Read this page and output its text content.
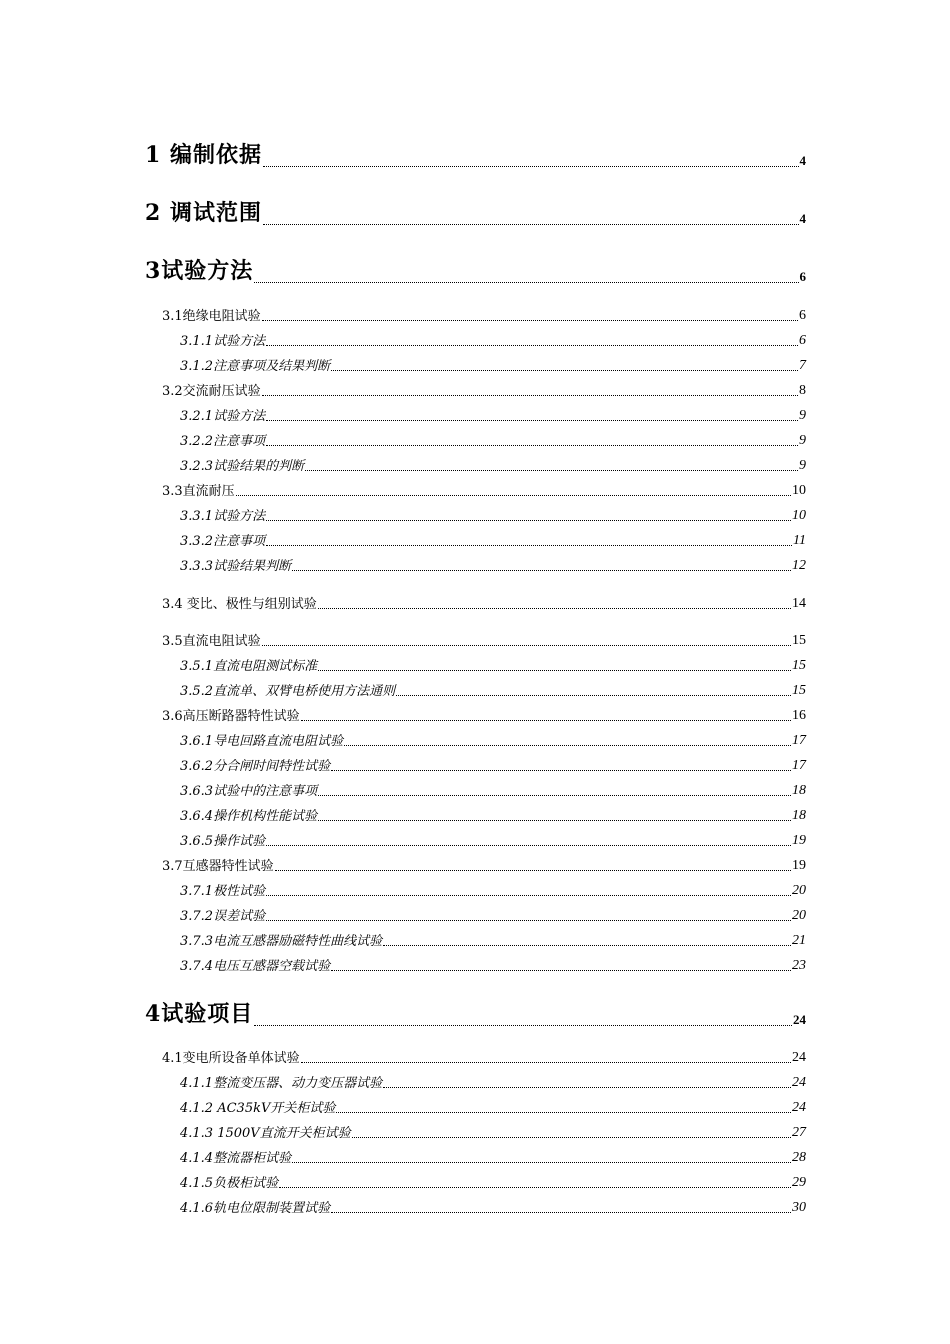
1 编制依据	4
2 调试范围	4
3试验方法	6
3.1绝缘电阻试验	6
3.1.1试验方法	6
3.1.2注意事项及结果判断	7
3.2交流耐压试验	8
3.2.1试验方法	9
3.2.2注意事项	9
3.2.3试验结果的判断	9
3.3直流耐压	10
3.3.1试验方法	10
3.3.2注意事项	11
3.3.3试验结果判断	12
3.4 变比、极性与组别试验	14
3.5直流电阻试验	15
3.5.1直流电阻测试标准	15
3.5.2直流单、双臂电桥使用方法通则	15
3.6高压断路器特性试验	16
3.6.1导电回路直流电阻试验	17
3.6.2分合闸时间特性试验	17
3.6.3试验中的注意事项	18
3.6.4操作机构性能试验	18
3.6.5操作试验	19
3.7互感器特性试验	19
3.7.1极性试验	20
3.7.2误差试验	20
3.7.3电流互感器励磁特性曲线试验	21
3.7.4电压互感器空载试验	23
4试验项目	24
4.1变电所设备单体试验	24
4.1.1整流变压器、动力变压器试验	24
4.1.2 AC35kV开关柜试验	24
4.1.3 1500V直流开关柜试验	27
4.1.4整流器柜试验	28
4.1.5负极柜试验	29
4.1.6轨电位限制装置试验	30
